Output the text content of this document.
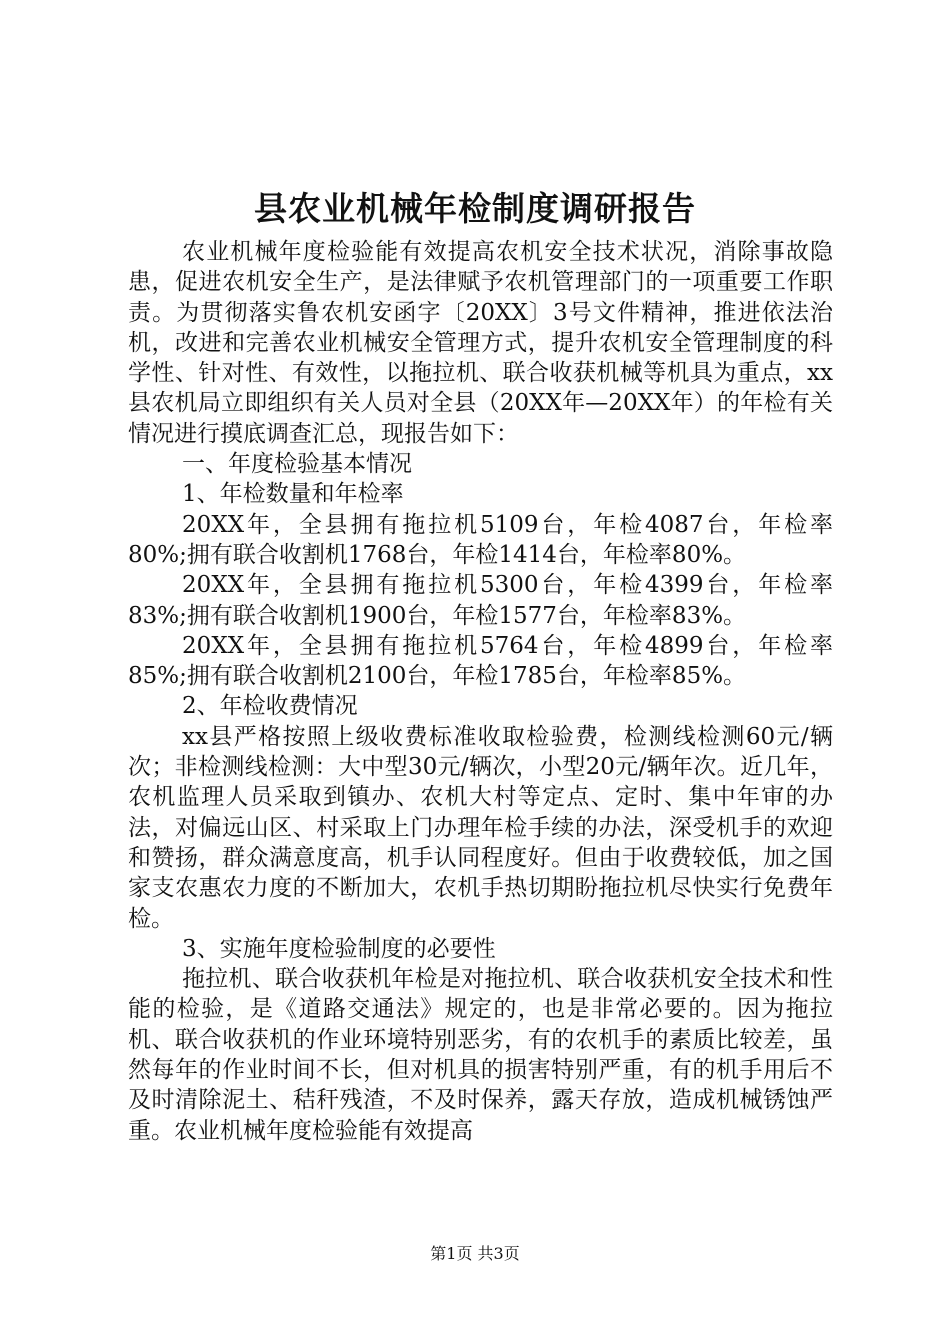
县农业机械年检制度调研报告

农业机械年度检验能有效提高农机安全技术状况，消除事故隐患，促进农机安全生产，是法律赋予农机管理部门的一项重要工作职责。为贯彻落实鲁农机安函字〔20XX〕3号文件精神，推进依法治机，改进和完善农业机械安全管理方式，提升农机安全管理制度的科学性、针对性、有效性，以拖拉机、联合收获机械等机具为重点，xx县农机局立即组织有关人员对全县（20XX年—20XX年）的年检有关情况进行摸底调查汇总，现报告如下：

一、年度检验基本情况

1、年检数量和年检率

20XX年，全县拥有拖拉机5109台，年检4087台，年检率80%;拥有联合收割机1768台，年检1414台，年检率80%。

20XX年，全县拥有拖拉机5300台，年检4399台，年检率83%;拥有联合收割机1900台，年检1577台，年检率83%。

20XX年，全县拥有拖拉机5764台，年检4899台，年检率85%;拥有联合收割机2100台，年检1785台，年检率85%。

2、年检收费情况

xx县严格按照上级收费标准收取检验费，检测线检测60元/辆次；非检测线检测：大中型30元/辆次，小型20元/辆年次。近几年，农机监理人员采取到镇办、农机大村等定点、定时、集中年审的办法，对偏远山区、村采取上门办理年检手续的办法，深受机手的欢迎和赞扬，群众满意度高，机手认同程度好。但由于收费较低，加之国家支农惠农力度的不断加大，农机手热切期盼拖拉机尽快实行免费年检。

3、实施年度检验制度的必要性

拖拉机、联合收获机年检是对拖拉机、联合收获机安全技术和性能的检验，是《道路交通法》规定的，也是非常必要的。因为拖拉机、联合收获机的作业环境特别恶劣，有的农机手的素质比较差，虽然每年的作业时间不长，但对机具的损害特别严重，有的机手用后不及时清除泥土、秸秆残渣，不及时保养，露天存放，造成机械锈蚀严重。农业机械年度检验能有效提高

第1页 共3页
